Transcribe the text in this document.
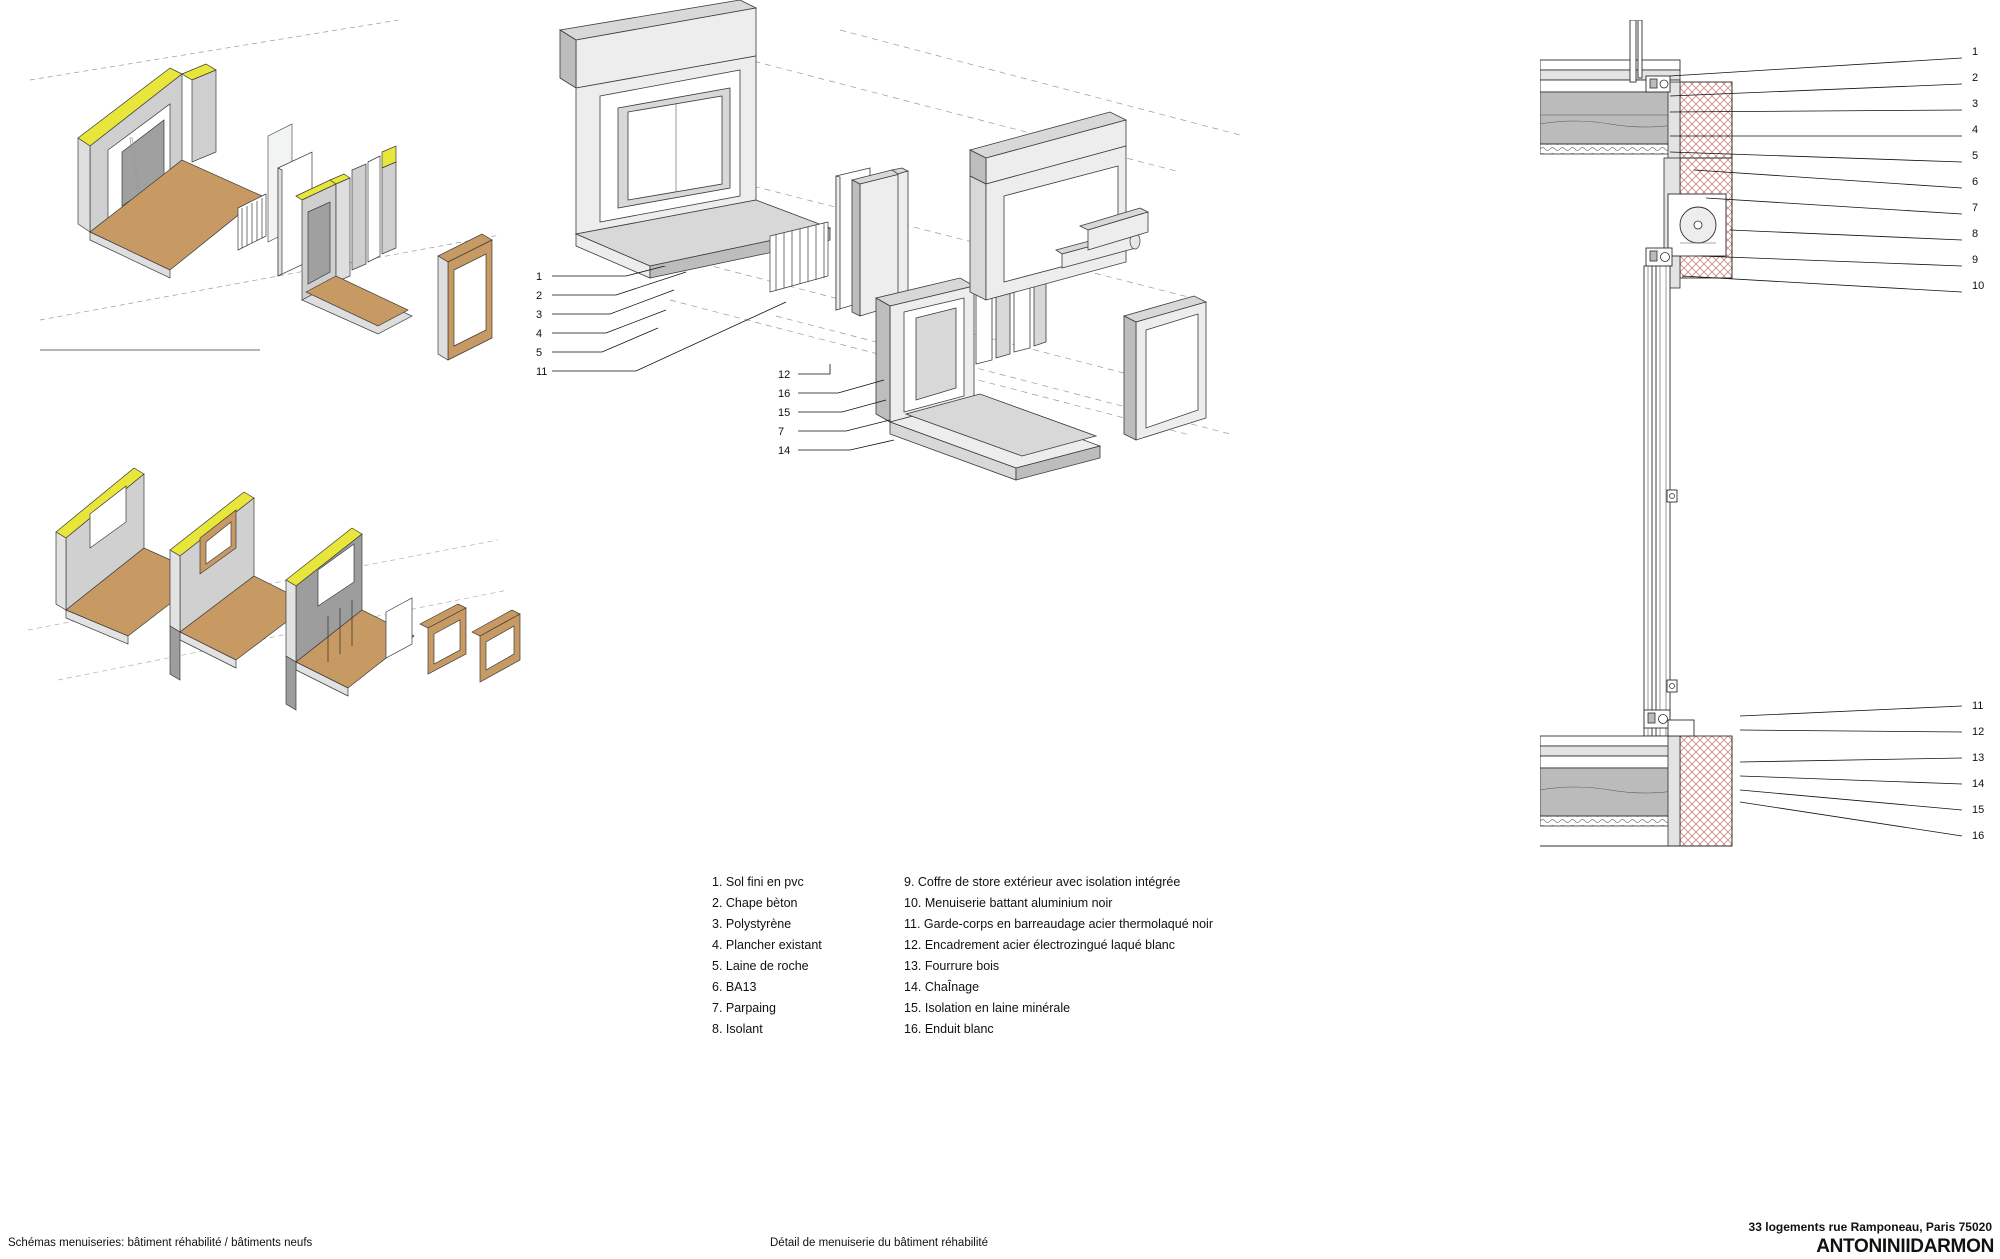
1
2
3
4
5
11	12
16
15
7
14
1
2
3
4
5
6
7
8
9
10
11
12
13
14
15
16
1. Sol fini en pvc
2. Chape bèton
3. Polystyrène
4. Plancher existant
5. Laine de roche
6. BA13
7. Parpaing
8. Isolant
9. Coffre de store extérieur avec isolation intégrée
10. Menuiserie battant aluminium noir
11. Garde-corps en barreaudage acier thermolaqué noir
12. Encadrement acier électrozingué laqué blanc
13. Fourrure bois
14. ChaÎnage
15. Isolation en laine minérale
16. Enduit blanc
Schémas menuiseries: bâtiment réhabilité / bâtiments neufs	Détail de menuiserie du bâtiment réhabilité
33 logements rue Ramponeau, Paris 75020
ANTONINIIDARMON
